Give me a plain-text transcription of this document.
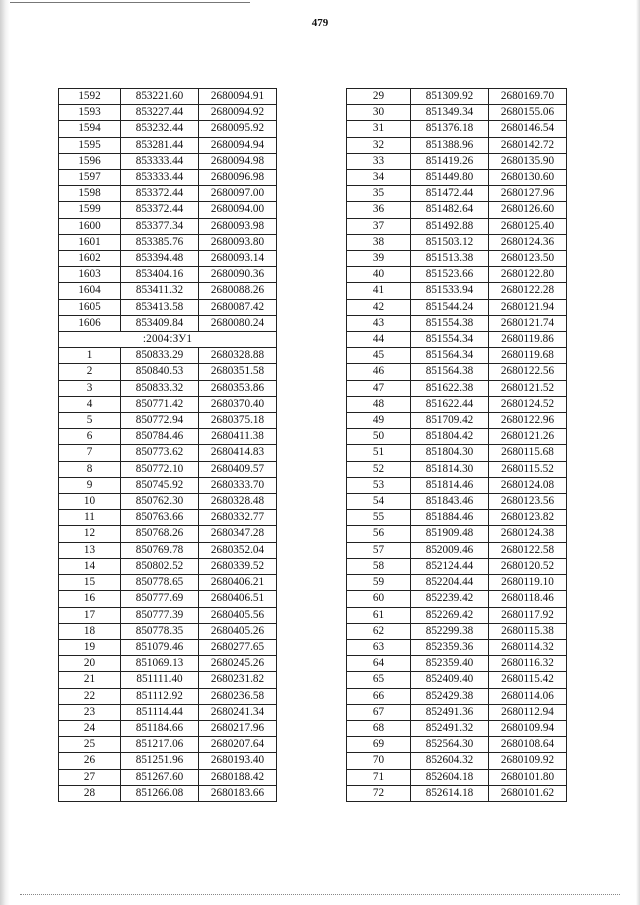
479
1592	853221.60	2680094.91
1593	853227.44	2680094.92
1594	853232.44	2680095.92
1595	853281.44	2680094.94
1596	853333.44	2680094.98
1597	853333.44	2680096.98
1598	853372.44	2680097.00
1599	853372.44	2680094.00
1600	853377.34	2680093.98
1601	853385.76	2680093.80
1602	853394.48	2680093.14
1603	853404.16	2680090.36
1604	853411.32	2680088.26
1605	853413.58	2680087.42
1606	853409.84	2680080.24
:2004:ЗУ1		
1	850833.29	2680328.88
2	850840.53	2680351.58
3	850833.32	2680353.86
4	850771.42	2680370.40
5	850772.94	2680375.18
6	850784.46	2680411.38
7	850773.62	2680414.83
8	850772.10	2680409.57
9	850745.92	2680333.70
10	850762.30	2680328.48
11	850763.66	2680332.77
12	850768.26	2680347.28
13	850769.78	2680352.04
14	850802.52	2680339.52
15	850778.65	2680406.21
16	850777.69	2680406.51
17	850777.39	2680405.56
18	850778.35	2680405.26
19	851079.46	2680277.65
20	851069.13	2680245.26
21	851111.40	2680231.82
22	851112.92	2680236.58
23	851114.44	2680241.34
24	851184.66	2680217.96
25	851217.06	2680207.64
26	851251.96	2680193.40
27	851267.60	2680188.42
28	851266.08	2680183.66
29	851309.92	2680169.70
30	851349.34	2680155.06
31	851376.18	2680146.54
32	851388.96	2680142.72
33	851419.26	2680135.90
34	851449.80	2680130.60
35	851472.44	2680127.96
36	851482.64	2680126.60
37	851492.88	2680125.40
38	851503.12	2680124.36
39	851513.38	2680123.50
40	851523.66	2680122.80
41	851533.94	2680122.28
42	851544.24	2680121.94
43	851554.38	2680121.74
44	851554.34	2680119.86
45	851564.34	2680119.68
46	851564.38	2680122.56
47	851622.38	2680121.52
48	851622.44	2680124.52
49	851709.42	2680122.96
50	851804.42	2680121.26
51	851804.30	2680115.68
52	851814.30	2680115.52
53	851814.46	2680124.08
54	851843.46	2680123.56
55	851884.46	2680123.82
56	851909.48	2680124.38
57	852009.46	2680122.58
58	852124.44	2680120.52
59	852204.44	2680119.10
60	852239.42	2680118.46
61	852269.42	2680117.92
62	852299.38	2680115.38
63	852359.36	2680114.32
64	852359.40	2680116.32
65	852409.40	2680115.42
66	852429.38	2680114.06
67	852491.36	2680112.94
68	852491.32	2680109.94
69	852564.30	2680108.64
70	852604.32	2680109.92
71	852604.18	2680101.80
72	852614.18	2680101.62
